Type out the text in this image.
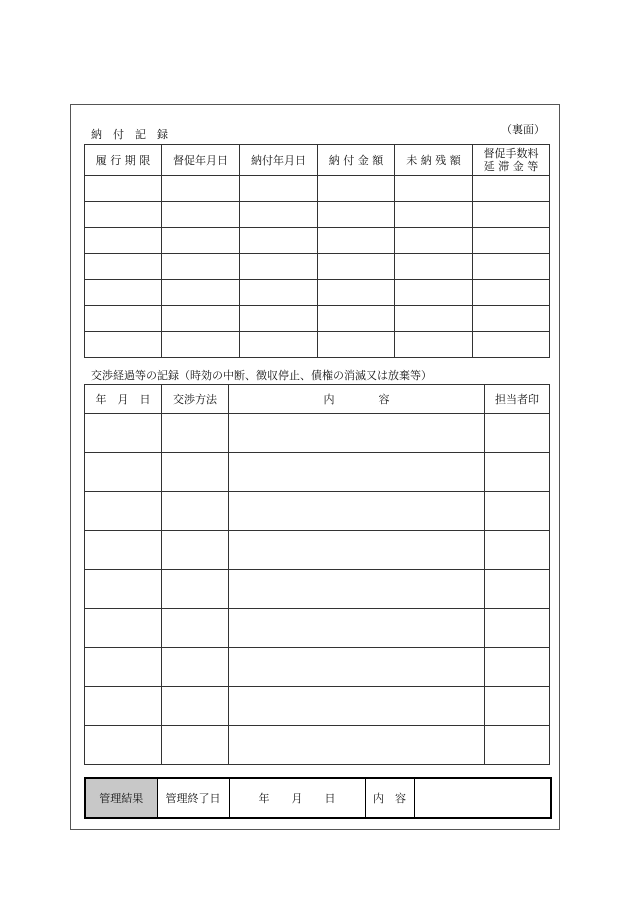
（裏面）
納　付　記　録
履 行 期 限	督促年月日	納付年月日	納 付 金 額	未 納 残 額	督促手数料
延 滞 金 等

交渉経過等の記録（時効の中断、徴収停止、債権の消滅又は放棄等）
年　月　日	交渉方法	内　　　　容	担当者印

管理結果	管理終了日	年　　月　　日	内　容	
